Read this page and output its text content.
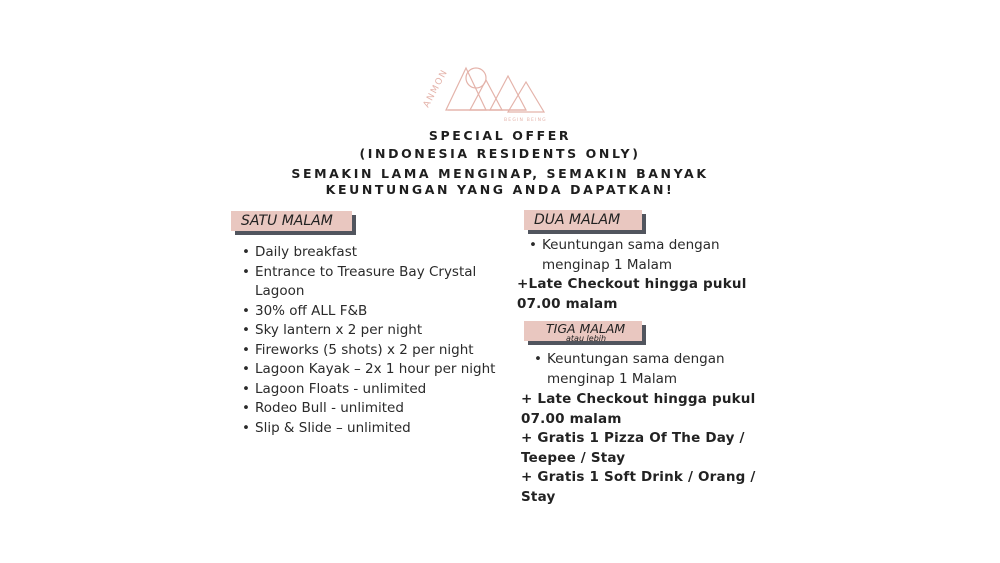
ANMON
BEGIN BEING
SPECIAL OFFER
(INDONESIA RESIDENTS ONLY)
SEMAKIN LAMA MENGINAP, SEMAKIN BANYAK
KEUNTUNGAN YANG ANDA DAPATKAN!
SATU MALAM
• Daily breakfast
• Entrance to Treasure Bay Crystal Lagoon
• 30% off ALL F&B
• Sky lantern x 2 per night
• Fireworks (5 shots) x 2 per night
• Lagoon Kayak – 2x 1 hour per night
• Lagoon Floats - unlimited
• Rodeo Bull - unlimited
• Slip & Slide – unlimited
DUA MALAM
• Keuntungan sama dengan menginap 1 Malam

+Late Checkout hingga pukul 07.00 malam

TIGA MALAM
atau lebih
• Keuntungan sama dengan menginap 1 Malam

+ Late Checkout hingga pukul 07.00 malam

+ Gratis 1 Pizza Of The Day / Teepee / Stay

+ Gratis 1 Soft Drink / Orang / Stay
